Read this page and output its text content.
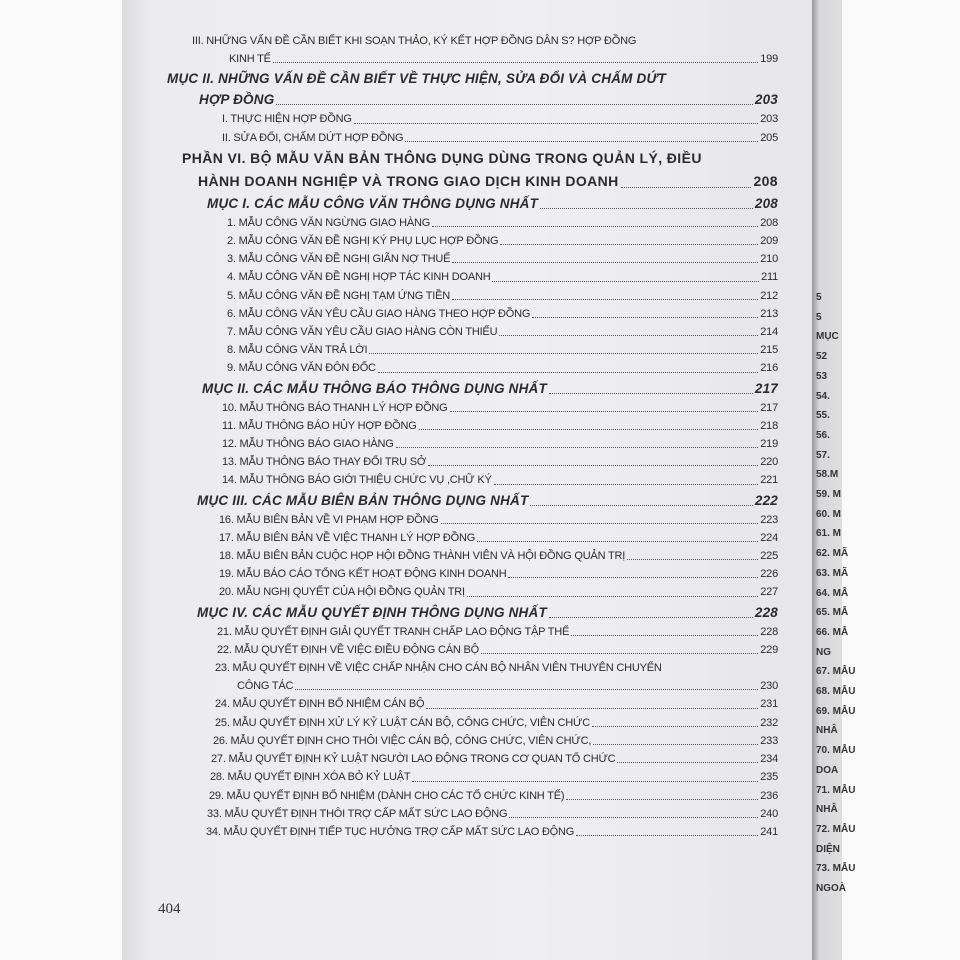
III. NHỮNG VẤN ĐỀ CẦN BIẾT KHI SOẠN THẢO, KÝ KẾT HỢP ĐỒNG DÂN S? HỢP ĐỒNG
KINH TẾ	199
MỤC II. NHỮNG VẤN ĐỀ CẦN BIẾT VỀ THỰC HIỆN, SỬA ĐỔI VÀ CHẤM DỨT
HỢP ĐỒNG	203
I. THỰC HIỆN HỢP ĐỒNG	203
II. SỬA ĐỔI, CHẤM DỨT HỢP ĐỒNG	205
PHẦN VI. BỘ MẪU VĂN BẢN THÔNG DỤNG DÙNG TRONG QUẢN LÝ, ĐIỀU
HÀNH DOANH NGHIỆP VÀ TRONG GIAO DỊCH KINH DOANH	208
MỤC I. CÁC MẪU CÔNG VĂN THÔNG DỤNG NHẤT	208
1. MẪU CÔNG VĂN NGỪNG GIAO HÀNG	208
2. MẪU CÔNG VĂN ĐỀ NGHỊ KÝ PHỤ LỤC HỢP ĐỒNG	209
3. MẪU CÔNG VĂN ĐỀ NGHỊ GIÃN NỢ THUẾ	210
4. MẪU CÔNG VĂN ĐỀ NGHỊ HỢP TÁC KINH DOANH	211
5. MẪU CÔNG VĂN ĐỀ NGHỊ TẠM ỨNG TIỀN	212
6. MẪU CÔNG VĂN YÊU CẦU GIAO HÀNG THEO HỢP ĐỒNG	213
7. MẪU CÔNG VĂN YÊU CẦU GIAO HÀNG CÒN THIẾU	214
8. MẪU CÔNG VĂN TRẢ LỜI	215
9. MẪU CÔNG VĂN ĐÔN ĐỐC	216
MỤC II. CÁC MẪU THÔNG BÁO THÔNG DỤNG NHẤT	217
10. MẪU THÔNG BÁO THANH LÝ HỢP ĐỒNG	217
11. MẪU THÔNG BÁO HỦY HỢP ĐỒNG	218
12. MẪU THÔNG BÁO GIAO HÀNG	219
13. MẪU THÔNG BÁO THAY ĐỔI TRỤ SỞ	220
14. MẪU THÔNG BÁO GIỚI THIỆU CHỨC VỤ ,CHỮ KÝ	221
MỤC III. CÁC MẪU BIÊN BẢN THÔNG DỤNG NHẤT	222
16. MẪU BIÊN BẢN VỀ VI PHẠM HỢP ĐỒNG	223
17. MẪU BIÊN BẢN VỀ VIỆC THANH LÝ HỢP ĐỒNG	224
18. MẪU BIÊN BẢN CUỘC HỌP HỘI ĐỒNG THÀNH VIÊN VÀ HỘI ĐỒNG QUẢN TRỊ	225
19. MẪU BÁO CÁO TỔNG KẾT HOẠT ĐỘNG KINH DOANH	226
20. MẪU NGHỊ QUYẾT CỦA HỘI ĐỒNG QUẢN TRỊ	227
MỤC IV. CÁC MẪU QUYẾT ĐỊNH THÔNG DỤNG NHẤT	228
21. MẪU QUYẾT ĐỊNH GIẢI QUYẾT TRANH CHẤP LAO ĐỘNG TẬP THỂ	228
22. MẪU QUYẾT ĐỊNH VỀ VIỆC ĐIỀU ĐỘNG CÁN BỘ	229
23. MẪU QUYẾT ĐỊNH VỀ VIỆC CHẤP NHẬN CHO CÁN BỘ NHÂN VIÊN THUYÊN CHUYỂN
CÔNG TÁC	230
24. MẪU QUYẾT ĐỊNH BỔ NHIỆM CÁN BỘ	231
25. MẪU QUYẾT ĐỊNH XỬ LÝ KỶ LUẬT CÁN BỘ, CÔNG CHỨC, VIÊN CHỨC	232
26. MẪU QUYẾT ĐỊNH CHO THÔI VIỆC CÁN BỘ, CÔNG CHỨC, VIÊN CHỨC,	233
27. MẪU QUYẾT ĐỊNH KỶ LUẬT NGƯỜI LAO ĐỘNG TRONG CƠ QUAN TỔ CHỨC	234
28. MẪU QUYẾT ĐỊNH XÓA BỎ KỶ LUẬT	235
29. MẪU QUYẾT ĐỊNH BỔ NHIỆM (DÀNH CHO CÁC TỔ CHỨC KINH TẾ)	236
33. MẪU QUYẾT ĐỊNH THÔI TRỢ CẤP MẤT SỨC LAO ĐỘNG	240
34. MẪU QUYẾT ĐỊNH TIẾP TỤC HƯỞNG TRỢ CẤP MẤT SỨC LAO ĐỘNG	241
5
5
MỤC
52
53
54.
55.
56.
57.
58.M
59. M
60. M
61. M
62. MÃ
63. MÃ
64. MẪ
65. MẪ
66. MẪ
NG
67. MẪU
68. MẪU
69. MẪU
NHÂ
70. MẪU
DOA
71. MẪU
NHÂ
72. MẪU
DIỆN
73. MẪU
NGOÀ
404
